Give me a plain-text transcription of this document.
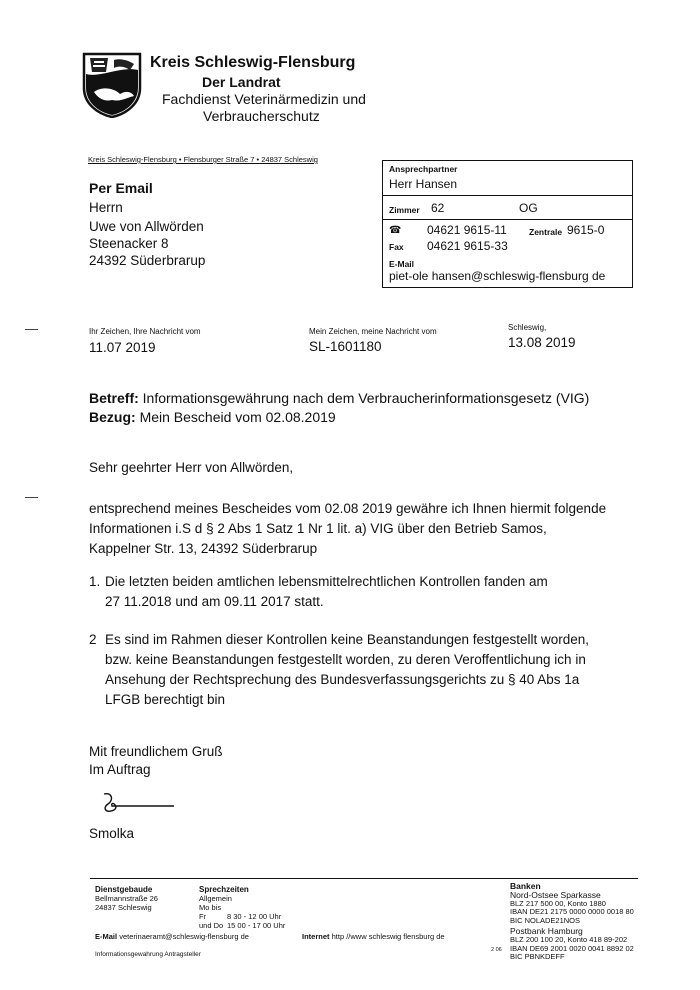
Kreis Schleswig-Flensburg
Der Landrat
Fachdienst Veterinärmedizin und
Verbraucherschutz
Kreis Schleswig-Flensburg • Flensburger Straße 7 • 24837 Schleswig
Per Email
Herrn
Uwe von Allwörden
Steenacker 8
24392 Süderbrarup
Ansprechpartner
Herr Hansen
Zimmer 62	OG
☎ 04621 9615-11	Zentrale 9615-0
Fax 04621 9615-33
E-Mail
piet-ole hansen@schleswig-flensburg de
Ihr Zeichen, Ihre Nachricht vom
11.07 2019
Mein Zeichen, meine Nachricht vom
SL-1601180
Schleswig,
13.08 2019
Betreff: Informationsgewährung nach dem Verbraucherinformationsgesetz (VIG)
Bezug: Mein Bescheid vom 02.08.2019
Sehr geehrter Herr von Allwörden,
entsprechend meines Bescheides vom 02.08 2019 gewähre ich Ihnen hiermit folgende
Informationen i.S d § 2 Abs 1 Satz 1 Nr 1 lit. a) VIG über den Betrieb Samos,
Kappelner Str. 13, 24392 Süderbrarup
1. Die letzten beiden amtlichen lebensmittelrechtlichen Kontrollen fanden am
27 11.2018 und am 09.11 2017 statt.
2 Es sind im Rahmen dieser Kontrollen keine Beanstandungen festgestellt worden,
bzw. keine Beanstandungen festgestellt worden, zu deren Veroffentlichung ich in
Ansehung der Rechtsprechung des Bundesverfassungsgerichts zu § 40 Abs 1a
LFGB berechtigt bin
Mit freundlichem Gruß
Im Auftrag
Smolka
Dienstgebaude
Bellmannstraße 26
24837 Schleswig
Sprechzeiten
Allgemein
Mo bis Fr	8 30 - 12 00 Uhr
und Do 15 00 - 17 00 Uhr
E-Mail veterinaeramt@schleswig-flensburg de	Internet http //www schleswig flensburg de
Informationsgewahrung Antragsteller
Banken
Nord-Ostsee Sparkasse
BLZ 217 500 00, Konto 1880
IBAN DE21 2175 0000 0000 0018 80
BIC NOLADE21NOS
Postbank Hamburg
BLZ 200 100 20, Konto 418 89-202
IBAN DE69 2001 0020 0041 8892 02
BIC PBNKDEFF
2 06
